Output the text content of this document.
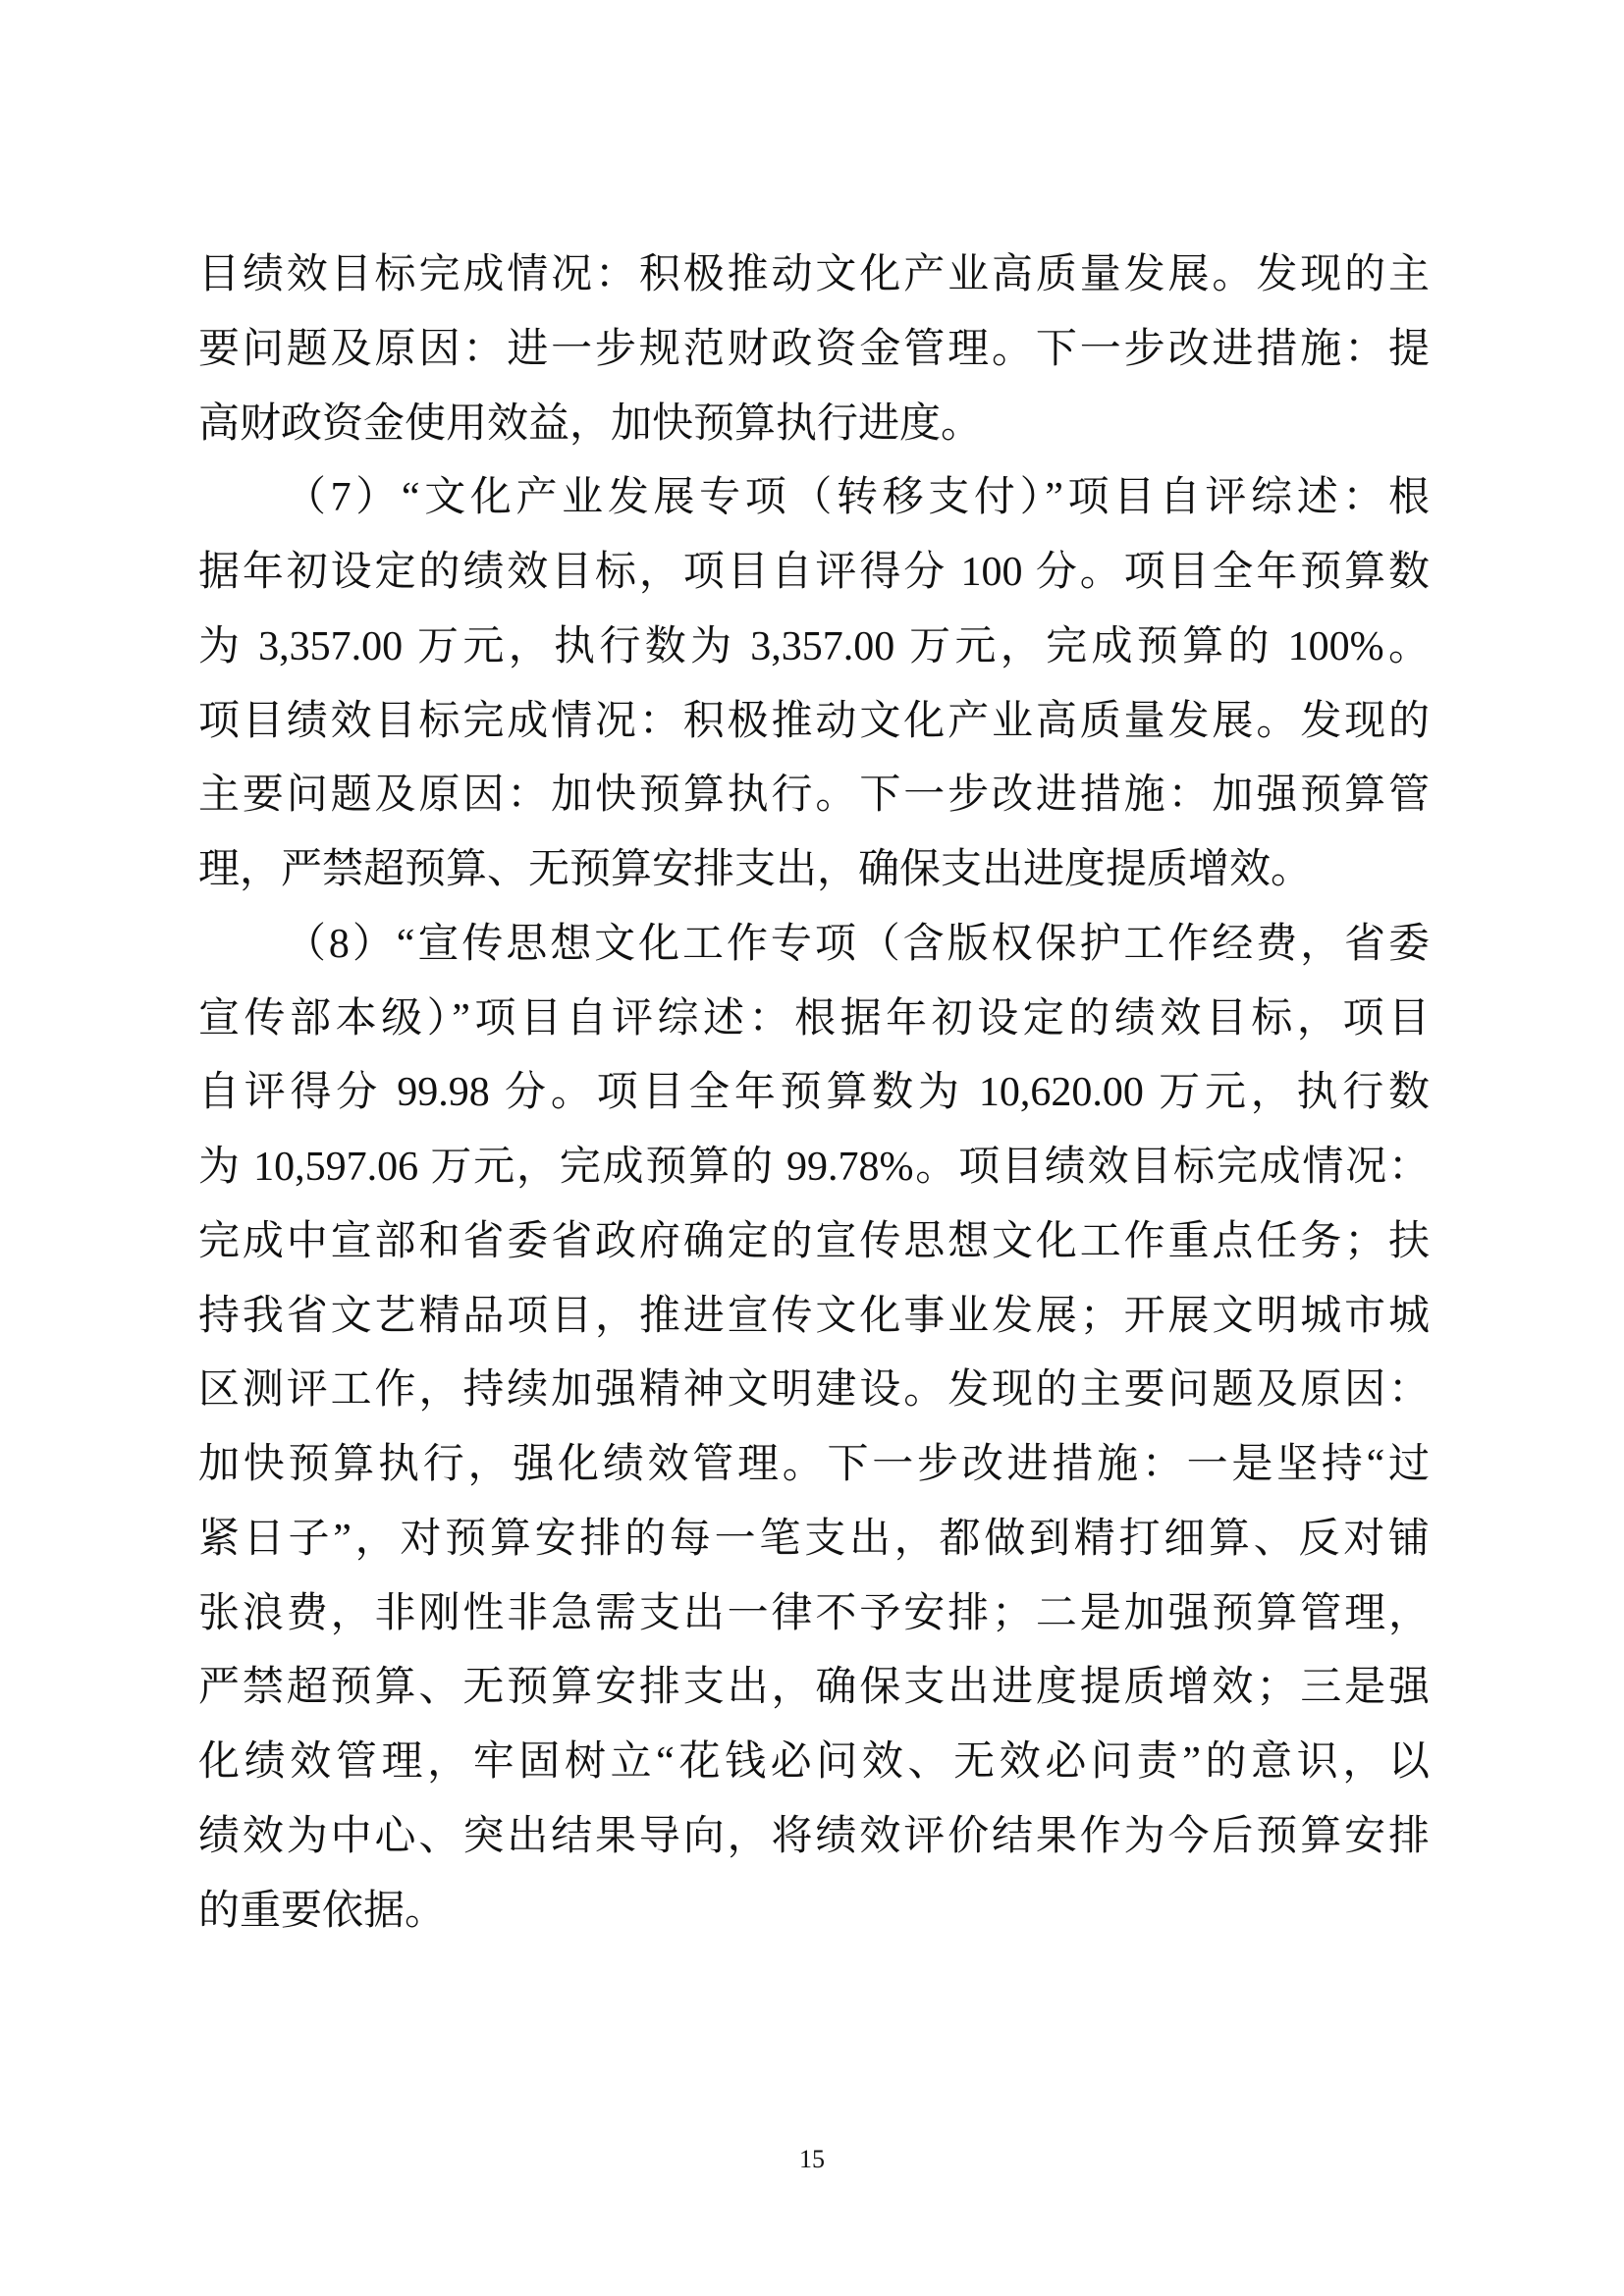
目绩效目标完成情况：积极推动文化产业高质量发展。发现的主
要问题及原因：进一步规范财政资金管理。下一步改进措施：提
高财政资金使用效益，加快预算执行进度。
（7）“文化产业发展专项（转移支付）”项目自评综述：根
据年初设定的绩效目标，项目自评得分 100 分。项目全年预算数
为 3,357.00 万元，执行数为 3,357.00 万元，完成预算的 100%。
项目绩效目标完成情况：积极推动文化产业高质量发展。发现的
主要问题及原因：加快预算执行。下一步改进措施：加强预算管
理，严禁超预算、无预算安排支出，确保支出进度提质增效。
（8）“宣传思想文化工作专项（含版权保护工作经费，省委
宣传部本级）”项目自评综述：根据年初设定的绩效目标，项目
自评得分 99.98 分。项目全年预算数为 10,620.00 万元，执行数
为 10,597.06 万元，完成预算的 99.78%。项目绩效目标完成情况：
完成中宣部和省委省政府确定的宣传思想文化工作重点任务；扶
持我省文艺精品项目，推进宣传文化事业发展；开展文明城市城
区测评工作，持续加强精神文明建设。发现的主要问题及原因：
加快预算执行，强化绩效管理。下一步改进措施：一是坚持“过
紧日子”，对预算安排的每一笔支出，都做到精打细算、反对铺
张浪费，非刚性非急需支出一律不予安排；二是加强预算管理，
严禁超预算、无预算安排支出，确保支出进度提质增效；三是强
化绩效管理，牢固树立“花钱必问效、无效必问责”的意识，以
绩效为中心、突出结果导向，将绩效评价结果作为今后预算安排
的重要依据。
15
